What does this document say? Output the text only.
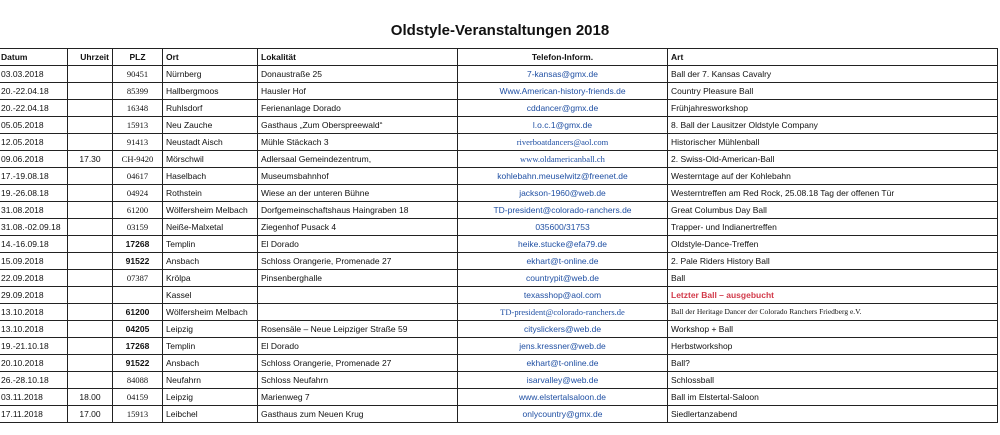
Oldstyle-Veranstaltungen 2018
Datum	Uhrzeit	PLZ	Ort	Lokalität	Telefon-Inform.	Art
03.03.2018		90451	Nürnberg	Donaustraße 25	7-kansas@gmx.de	Ball der 7. Kansas Cavalry
20.-22.04.18		85399	Hallbergmoos	Hausler Hof	Www.American-history-friends.de	Country Pleasure Ball
20.-22.04.18		16348	Ruhlsdorf	Ferienanlage Dorado	cddancer@gmx.de	Frühjahresworkshop
05.05.2018		15913	Neu Zauche	Gasthaus „Zum Oberspreewald“	l.o.c.1@gmx.de	8. Ball der Lausitzer Oldstyle Company
12.05.2018		91413	Neustadt Aisch	Mühle Stäckach 3	riverboatdancers@aol.com	Historischer Mühlenball
09.06.2018	17.30	CH-9420	Mörschwil	Adlersaal Gemeindezentrum,	www.oldamericanball.ch	2. Swiss-Old-American-Ball
17.-19.08.18		04617	Haselbach	Museumsbahnhof	kohlebahn.meuselwitz@freenet.de	Westerntage auf der Kohlebahn
19.-26.08.18		04924	Rothstein	Wiese an der unteren Bühne	jackson-1960@web.de	Westerntreffen am Red Rock, 25.08.18 Tag der offenen Tür
31.08.2018		61200	Wölfersheim Melbach	Dorfgemeinschaftshaus Haingraben 18	TD-president@colorado-ranchers.de	Great Columbus Day Ball
31.08.-02.09.18		03159	Neiße-Malxetal	Ziegenhof Pusack 4	035600/31753	Trapper- und Indianertreffen
14.-16.09.18		17268	Templin	El Dorado	heike.stucke@efa79.de	Oldstyle-Dance-Treffen
15.09.2018		91522	Ansbach	Schloss Orangerie, Promenade 27	ekhart@t-online.de	2. Pale Riders History Ball
22.09.2018		07387	Krölpa	Pinsenberghalle	countrypit@web.de	Ball
29.09.2018			Kassel		texasshop@aol.com	Letzter Ball – ausgebucht
13.10.2018		61200	Wölfersheim Melbach		TD-president@colorado-ranchers.de	Ball der Heritage Dancer der Colorado Ranchers Friedberg e.V.
13.10.2018		04205	Leipzig	Rosensäle – Neue Leipziger Straße 59	cityslickers@web.de	Workshop + Ball
19.-21.10.18		17268	Templin	El Dorado	jens.kressner@web.de	Herbstworkshop
20.10.2018		91522	Ansbach	Schloss Orangerie, Promenade 27	ekhart@t-online.de	Ball?
26.-28.10.18		84088	Neufahrn	Schloss Neufahrn	isarvalley@web.de	Schlossball
03.11.2018	18.00	04159	Leipzig	Marienweg 7	www.elstertalsaloon.de	Ball im Elstertal-Saloon
17.11.2018	17.00	15913	Leibchel	Gasthaus zum Neuen Krug	onlycountry@gmx.de	Siedlertanzabend
